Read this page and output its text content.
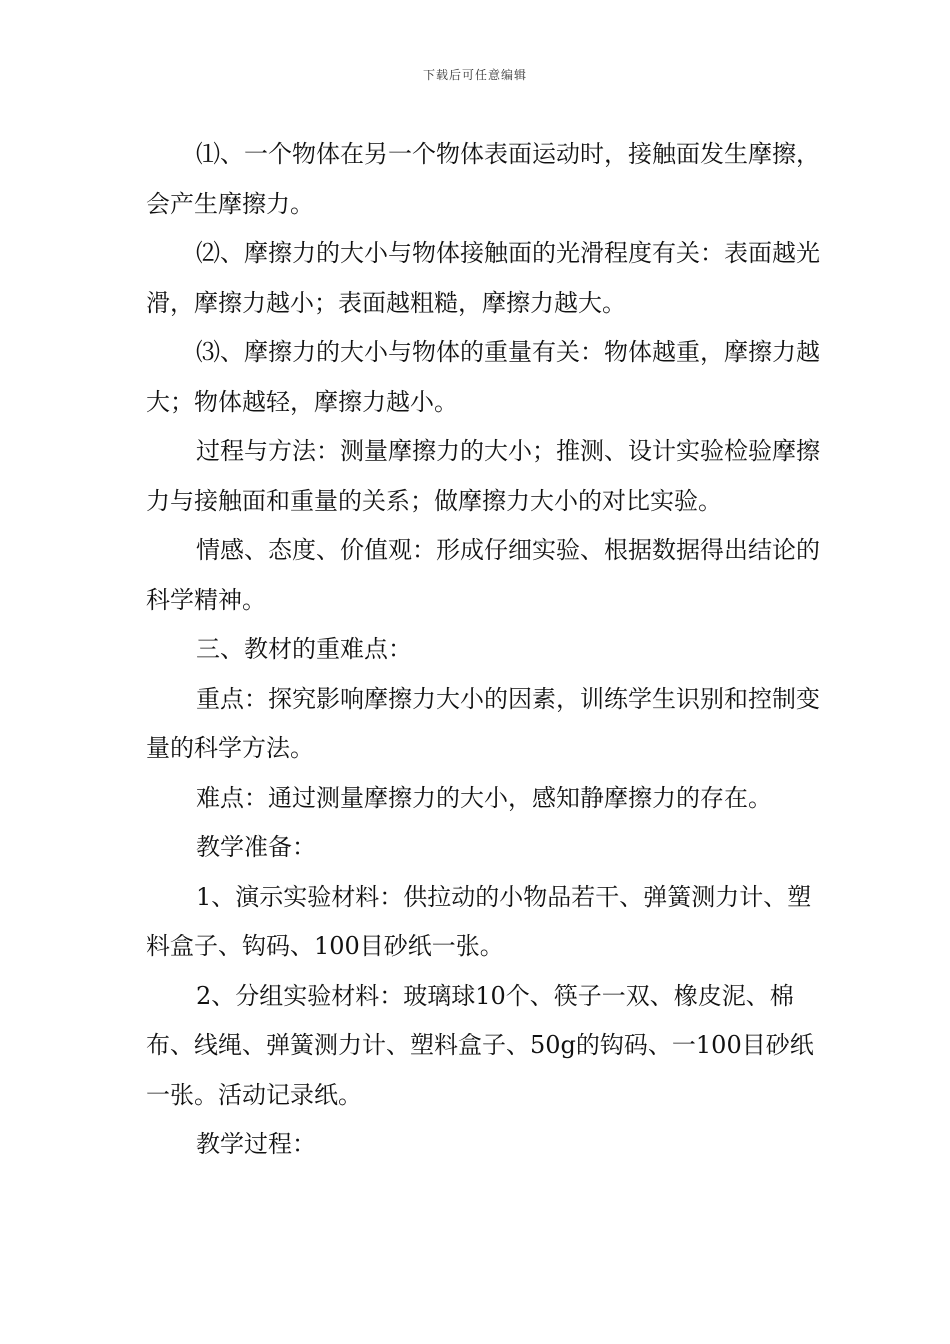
下载后可任意编辑

⑴、一个物体在另一个物体表面运动时，接触面发生摩擦，会产生摩擦力。

⑵、摩擦力的大小与物体接触面的光滑程度有关：表面越光滑，摩擦力越小；表面越粗糙，摩擦力越大。

⑶、摩擦力的大小与物体的重量有关：物体越重，摩擦力越大；物体越轻，摩擦力越小。

过程与方法：测量摩擦力的大小；推测、设计实验检验摩擦力与接触面和重量的关系；做摩擦力大小的对比实验。

情感、态度、价值观：形成仔细实验、根据数据得出结论的科学精神。

三、教材的重难点：

重点：探究影响摩擦力大小的因素，训练学生识别和控制变量的科学方法。

难点：通过测量摩擦力的大小，感知静摩擦力的存在。

教学准备：

1、演示实验材料：供拉动的小物品若干、弹簧测力计、塑料盒子、钩码、100目砂纸一张。

2、分组实验材料：玻璃球10个、筷子一双、橡皮泥、棉布、线绳、弹簧测力计、塑料盒子、50g的钩码、一100目砂纸一张。活动记录纸。

教学过程：
